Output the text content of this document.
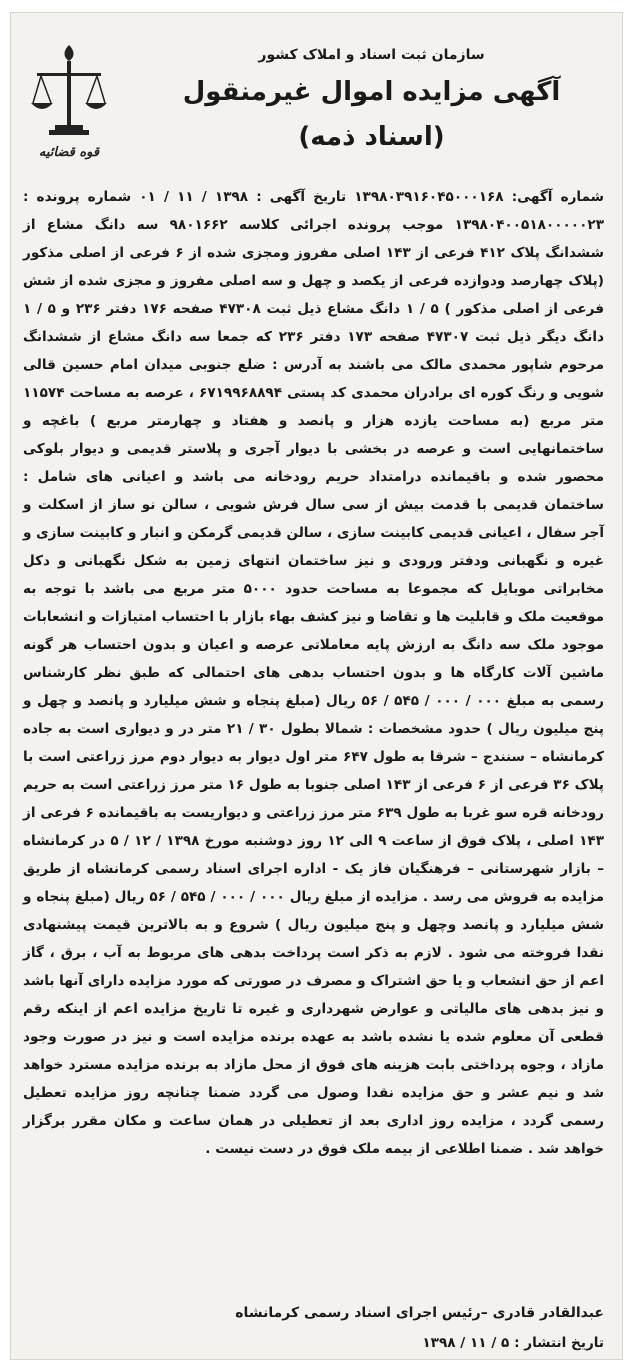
قوه قضائیه
سازمان ثبت اسناد و املاک کشور
آگهی مزایده اموال غیرمنقول
(اسناد ذمه)
شماره آگهی: ۱۳۹۸۰۳۹۱۶۰۴۵۰۰۰۱۶۸ تاریخ آگهی : ۱۳۹۸ / ۱۱ / ۰۱ شماره پرونده : ۱۳۹۸۰۴۰۰۵۱۸۰۰۰۰۰۲۳ موجب پرونده اجرائی کلاسه ۹۸۰۱۶۶۲ سه دانگ مشاع از ششدانگ پلاک ۴۱۲ فرعی از ۱۴۳ اصلی مفروز ومجزی شده از ۶ فرعی از اصلی مذکور (پلاک چهارصد ودوازده فرعی از یکصد و چهل و سه اصلی مفروز و مجزی شده از شش فرعی از اصلی مذکور ) ۵ / ۱ دانگ مشاع ذیل ثبت ۴۷۳۰۸ صفحه ۱۷۶ دفتر ۲۳۶ و ۵ / ۱ دانگ دیگر ذیل ثبت ۴۷۳۰۷ صفحه ۱۷۳ دفتر ۲۳۶ که جمعا سه دانگ مشاع از ششدانگ مرحوم شاپور محمدی مالک می باشند به آدرس : ضلع جنوبی میدان امام حسین قالی شویی و رنگ کوره ای برادران محمدی کد پستی ۶۷۱۹۹۶۸۸۹۴ ، عرصه به مساحت ۱۱۵۷۴ متر مربع (به مساحت یازده هزار و پانصد و هفتاد و چهارمتر مربع ) باغچه و ساختمانهایی است و عرصه در بخشی با دیوار آجری و پلاستر قدیمی و دیوار بلوکی محصور شده و باقیمانده درامتداد حریم رودخانه می باشد و اعیانی های شامل : ساختمان قدیمی با قدمت بیش از سی سال فرش شویی ، سالن نو ساز از اسکلت و آجر سفال ، اعیانی قدیمی کابینت سازی ، سالن قدیمی گرمکن و انبار و کابینت سازی و غیره و نگهبانی ودفتر ورودی و نیز ساختمان انتهای زمین به شکل نگهبانی و دکل مخابراتی موبایل که مجموعا به مساحت حدود ۵۰۰۰ متر مربع می باشد با توجه به موقعیت ملک و قابلیت ها و تقاضا و نیز کشف بهاء بازار با احتساب امتیازات و انشعابات موجود ملک سه دانگ به ارزش پایه معاملاتی عرصه و اعیان و بدون احتساب هر گونه ماشین آلات کارگاه ها و بدون احتساب بدهی های احتمالی که طبق نظر کارشناس رسمی به مبلغ ۰۰۰ / ۰۰۰ / ۵۴۵ / ۵۶ ریال (مبلغ پنجاه و شش میلیارد و پانصد و چهل و پنج میلیون ریال ) حدود مشخصات : شمالا بطول ۳۰ / ۲۱ متر در و دیواری است به جاده کرمانشاه – سنندج – شرقا به طول ۶۴۷ متر اول دیوار به دیوار دوم مرز زراعتی است با پلاک ۳۶ فرعی از ۶ فرعی از ۱۴۳ اصلی جنوبا به طول ۱۶ متر مرز زراعتی است به حریم رودخانه قره سو غربا به طول ۶۳۹ متر مرز زراعتی و دیواریست به باقیمانده ۶ فرعی از ۱۴۳ اصلی ، پلاک فوق از ساعت ۹ الی ۱۲ روز دوشنبه مورخ ۱۳۹۸ / ۱۲ / ۵ در کرمانشاه – بازار شهرستانی – فرهنگیان فاز یک - اداره اجرای اسناد رسمی کرمانشاه از طریق مزایده به فروش می رسد . مزایده از مبلغ ریال ۰۰۰ / ۰۰۰ / ۵۴۵ / ۵۶ ریال (مبلغ پنجاه و شش میلیارد و پانصد وچهل و پنج میلیون ریال ) شروع و به بالاترین قیمت پیشنهادی نقدا فروخته می شود . لازم به ذکر است پرداخت بدهی های مربوط به آب ، برق ، گاز اعم از حق انشعاب و یا حق اشتراک و مصرف در صورتی که مورد مزایده دارای آنها باشد و نیز بدهی های مالیاتی و عوارض شهرداری و غیره تا تاریخ مزایده اعم از اینکه رقم قطعی آن معلوم شده یا نشده باشد به عهده برنده مزایده است و نیز در صورت وجود مازاد ، وجوه پرداختی بابت هزینه های فوق از محل مازاد به برنده مزایده مسترد خواهد شد و نیم عشر و حق مزایده نقدا وصول می گردد ضمنا چنانچه روز مزایده تعطیل رسمی گردد ، مزایده روز اداری بعد از تعطیلی در همان ساعت و مکان مقرر برگزار خواهد شد . ضمنا اطلاعی از بیمه ملک فوق در دست نیست .
عبدالقادر قادری –رئیس اجرای اسناد رسمی کرمانشاه
تاریخ انتشار : ۵ / ۱۱ / ۱۳۹۸
